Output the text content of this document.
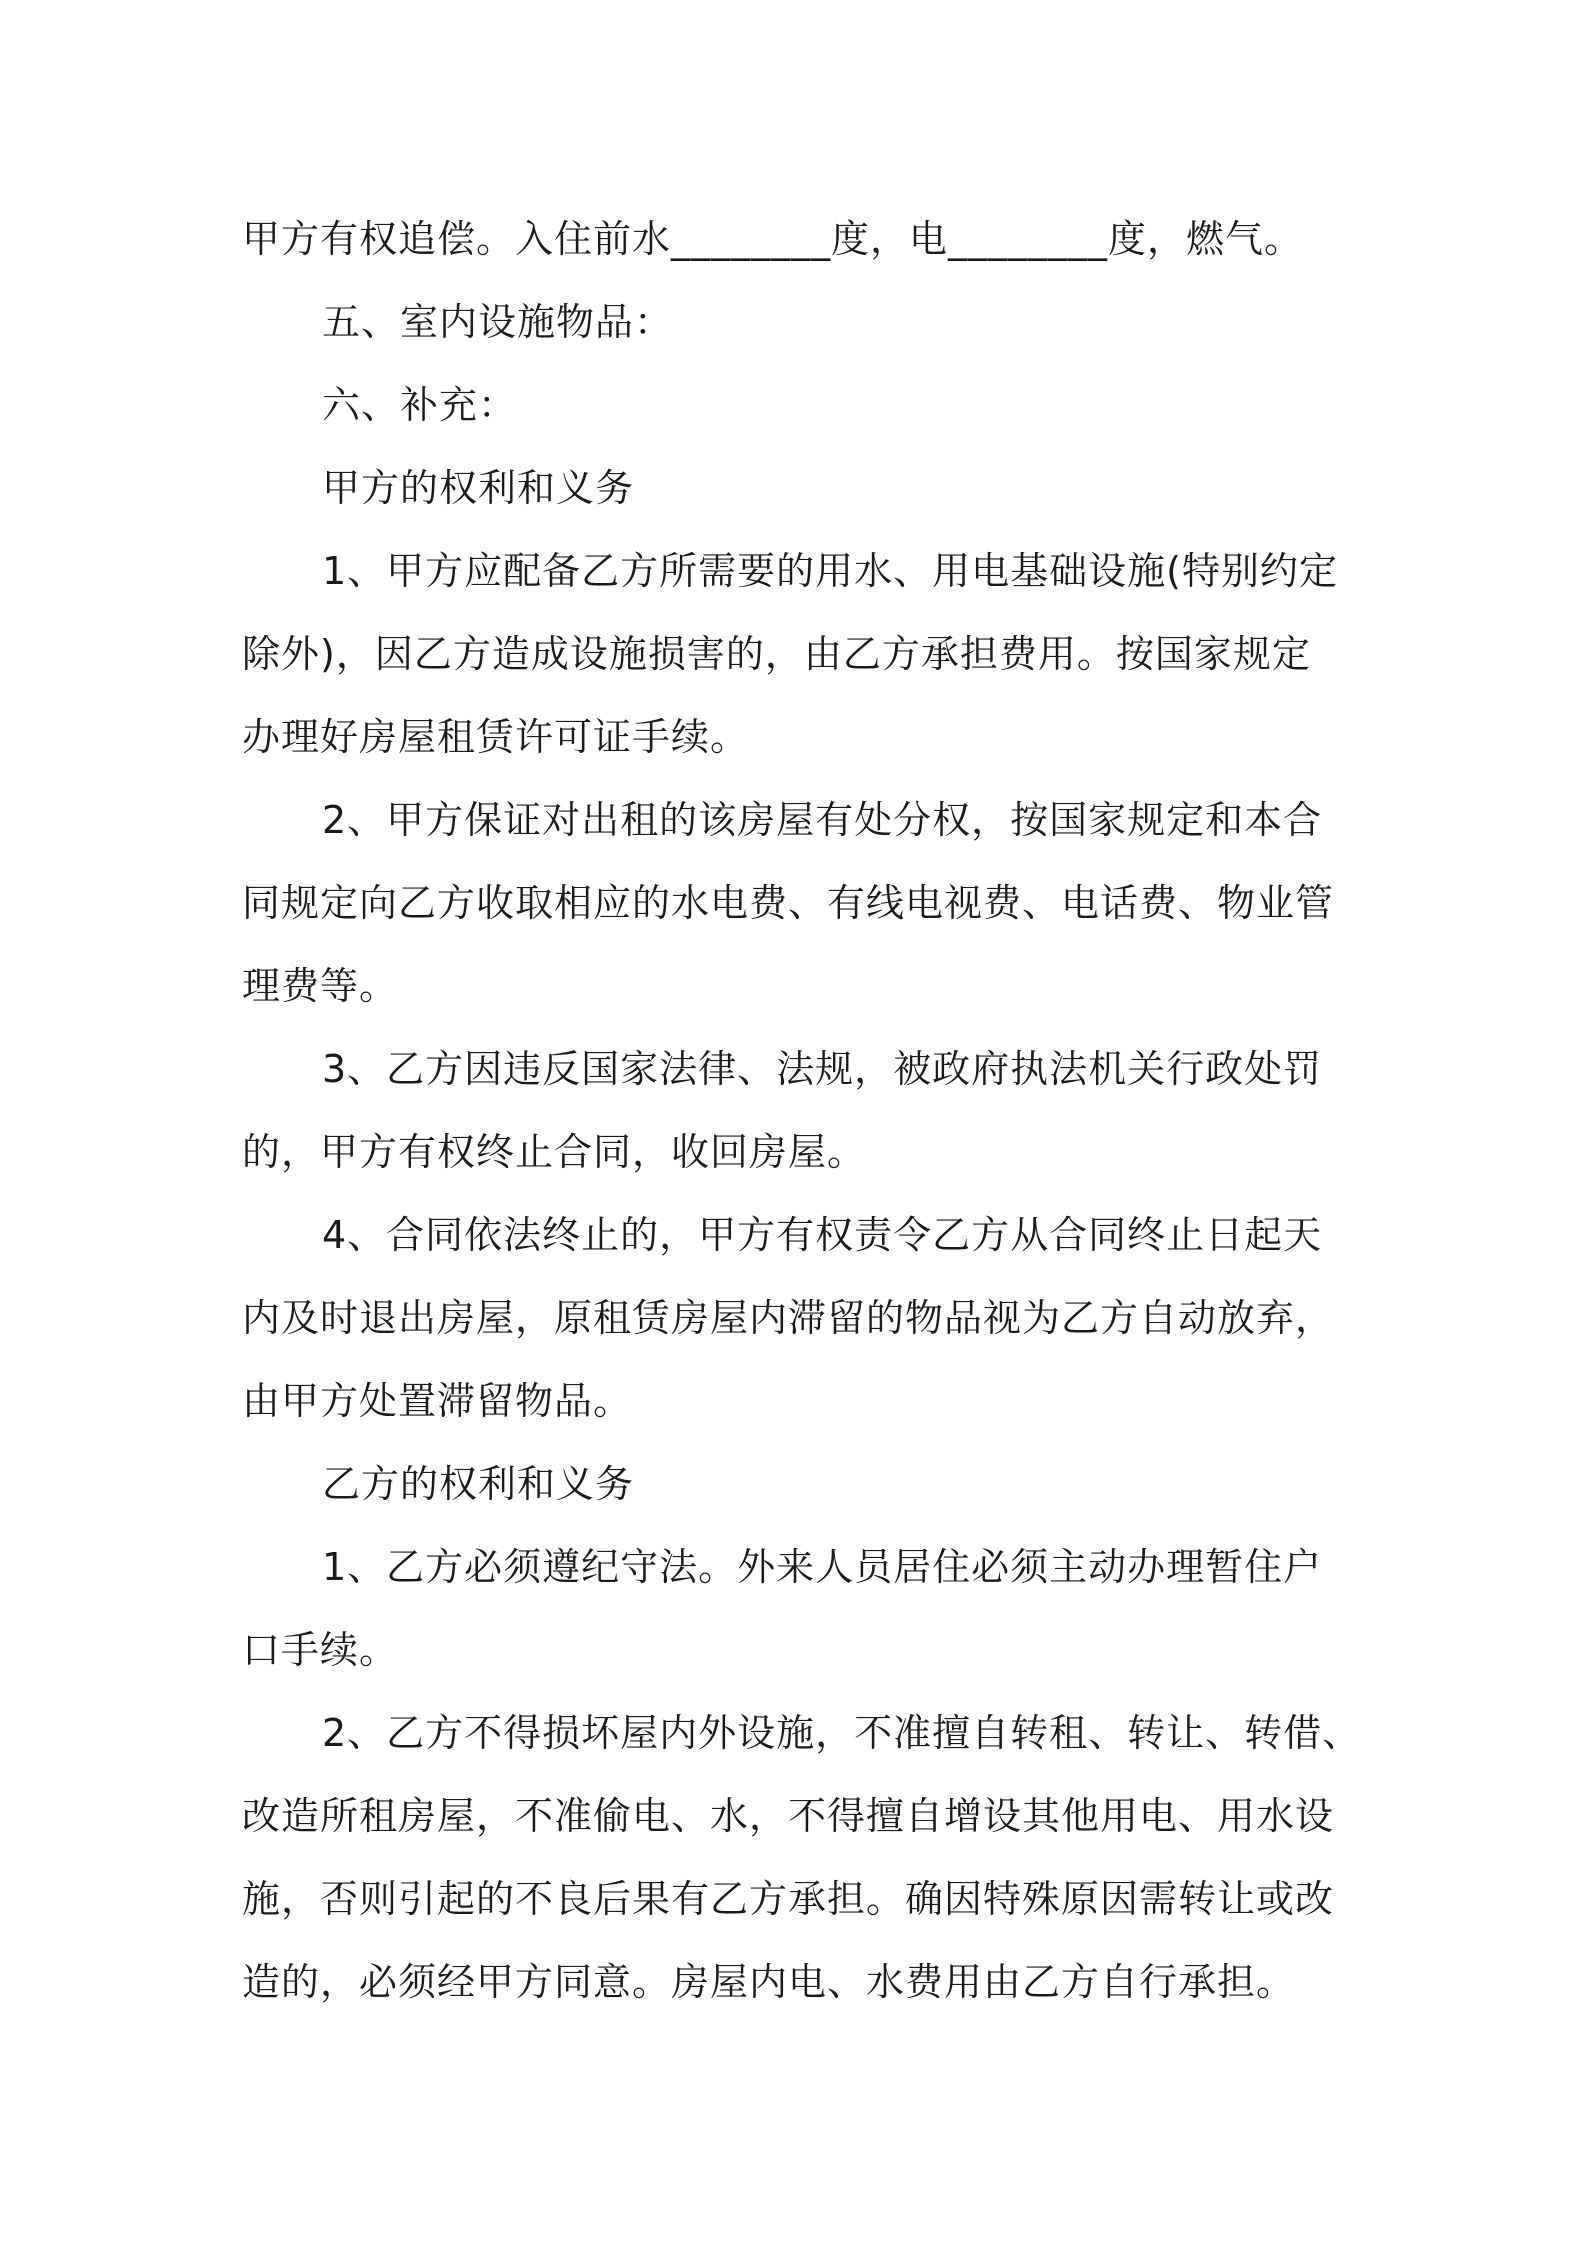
甲方有权追偿。入住前水________度，电________度，燃气。

五、室内设施物品：

六、补充：

甲方的权利和义务

1、甲方应配备乙方所需要的用水、用电基础设施(特别约定

除外)，因乙方造成设施损害的，由乙方承担费用。按国家规定

办理好房屋租赁许可证手续。

2、甲方保证对出租的该房屋有处分权，按国家规定和本合

同规定向乙方收取相应的水电费、有线电视费、电话费、物业管

理费等。

3、乙方因违反国家法律、法规，被政府执法机关行政处罚

的，甲方有权终止合同，收回房屋。

4、合同依法终止的，甲方有权责令乙方从合同终止日起天

内及时退出房屋，原租赁房屋内滞留的物品视为乙方自动放弃，

由甲方处置滞留物品。

乙方的权利和义务

1、乙方必须遵纪守法。外来人员居住必须主动办理暂住户

口手续。

2、乙方不得损坏屋内外设施，不准擅自转租、转让、转借、

改造所租房屋，不准偷电、水，不得擅自增设其他用电、用水设

施，否则引起的不良后果有乙方承担。确因特殊原因需转让或改

造的，必须经甲方同意。房屋内电、水费用由乙方自行承担。
